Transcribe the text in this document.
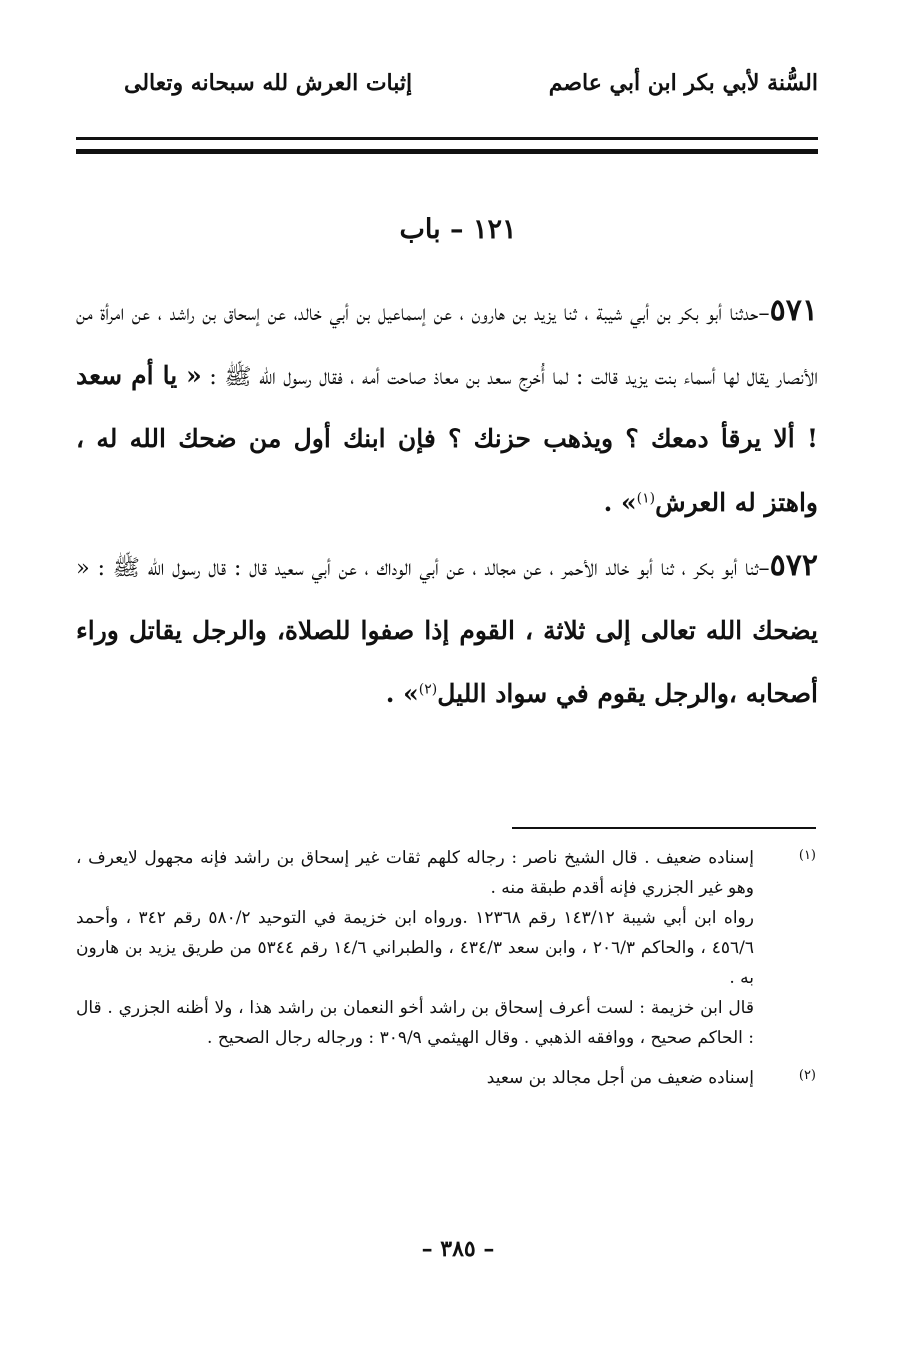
السُّنة لأبي بكر ابن أبي عاصم
إثبات العرش لله سبحانه وتعالى
١٢١ – باب

٥٧١–حدثنا أبو بكر بن أبي شيبة ، ثنا يزيد بن هارون ، عن إسماعيل بن أبي خالد، عن إسحاق بن راشد ، عن امرأة من الأنصار يقال لها أسماء بنت يزيد قالت : لما أُخرج سعد بن معاذ صاحت أمه ، فقال رسول الله ﷺ : « يا أم سعد ! ألا يرقأ دمعك ؟ ويذهب حزنك ؟ فإن ابنك أول من ضحك الله له ، واهتز له العرش$^{(١)}$» .

٥٧٢–ثنا أبو بكر ، ثنا أبو خالد الأحمر ، عن مجالد ، عن أبي الوداك ، عن أبي سعيد قال : قال رسول الله ﷺ : « يضحك الله تعالى إلى ثلاثة ، القوم إذا صفوا للصلاة، والرجل يقاتل وراء أصحابه ،والرجل يقوم في سواد الليل$^{(٢)}$» .

(١)

إسناده ضعيف . قال الشيخ ناصر : رجاله كلهم ثقات غير إسحاق بن راشد فإنه مجهول لايعرف ، وهو غير الجزري فإنه أقدم طبقة منه .

رواه ابن أبي شيبة ١٤٣/١٢ رقم ١٢٣٦٨ .ورواه ابن خزيمة في التوحيد ٥٨٠/٢ رقم ٣٤٢ ، وأحمد ٤٥٦/٦ ، والحاكم ٢٠٦/٣ ، وابن سعد ٤٣٤/٣ ، والطبراني ١٤/٦ رقم ٥٣٤٤ من طريق يزيد بن هارون به .

قال ابن خزيمة : لست أعرف إسحاق بن راشد أخو النعمان بن راشد هذا ، ولا أظنه الجزري . قال : الحاكم صحيح ، ووافقه الذهبي . وقال الهيثمي ٣٠٩/٩ : ورجاله رجال الصحيح .

(٢)

إسناده ضعيف من أجل مجالد بن سعيد

– ٣٨٥ –
